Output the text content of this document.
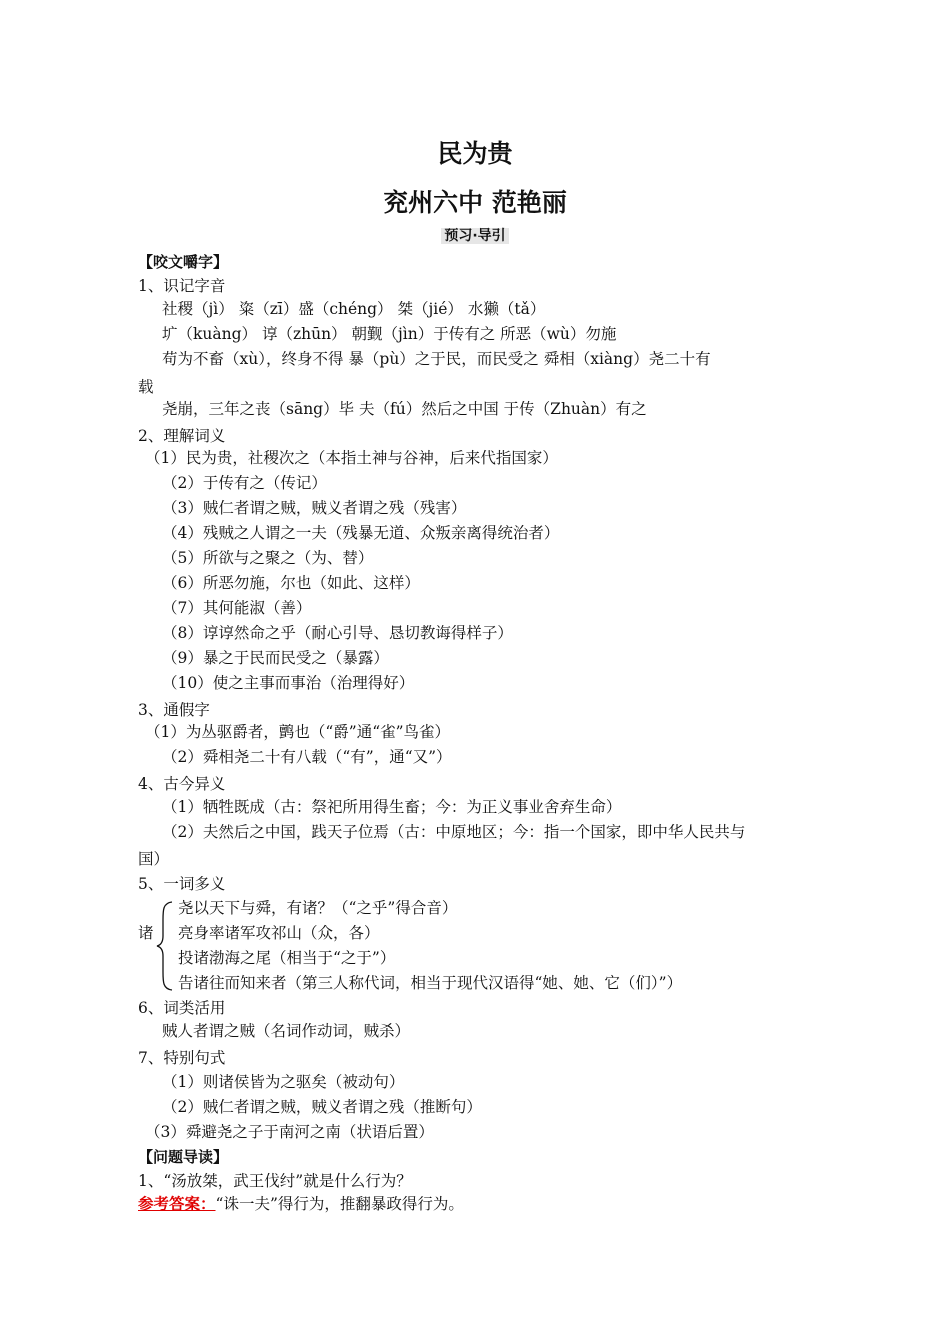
民为贵
兖州六中 范艳丽
预习·导引
【咬文嚼字】
1、识记字音
社稷（jì） 粢（zī）盛（chéng） 桀（jié） 水獭（tǎ）
圹（kuàng） 谆（zhūn） 朝觐（jìn）于传有之 所恶（wù）勿施
苟为不畜（xù），终身不得 暴（pù）之于民，而民受之 舜相（xiàng）尧二十有
载
尧崩，三年之丧（sāng）毕 夫（fú）然后之中国 于传（Zhuàn）有之
2、理解词义
（1）民为贵，社稷次之（本指土神与谷神，后来代指国家）
（2）于传有之（传记）
（3）贼仁者谓之贼，贼义者谓之残（残害）
（4）残贼之人谓之一夫（残暴无道、众叛亲离得统治者）
（5）所欲与之聚之（为、替）
（6）所恶勿施，尔也（如此、这样）
（7）其何能淑（善）
（8）谆谆然命之乎（耐心引导、恳切教诲得样子）
（9）暴之于民而民受之（暴露）
（10）使之主事而事治（治理得好）
3、通假字
（1）为丛驱爵者，鹯也（“爵”通“雀”鸟雀）
（2）舜相尧二十有八载（“有”，通“又”）
4、古今异义
（1）牺牲既成（古：祭祀所用得生畜；今：为正义事业舍弃生命）
（2）夫然后之中国，践天子位焉（古：中原地区；今：指一个国家，即中华人民共与
国）
5、一词多义
诸
尧以天下与舜，有诸？（“之乎”得合音）
亮身率诸军攻祁山（众，各）
投诸渤海之尾（相当于“之于”）
告诸往而知来者（第三人称代词，相当于现代汉语得“她、她、它（们）”）
6、词类活用
贼人者谓之贼（名词作动词，贼杀）
7、特别句式
（1）则诸侯皆为之驱矣（被动句）
（2）贼仁者谓之贼，贼义者谓之残（推断句）
（3）舜避尧之子于南河之南（状语后置）
【问题导读】
1、“汤放桀，武王伐纣”就是什么行为？
参考答案：“诛一夫”得行为，推翻暴政得行为。
